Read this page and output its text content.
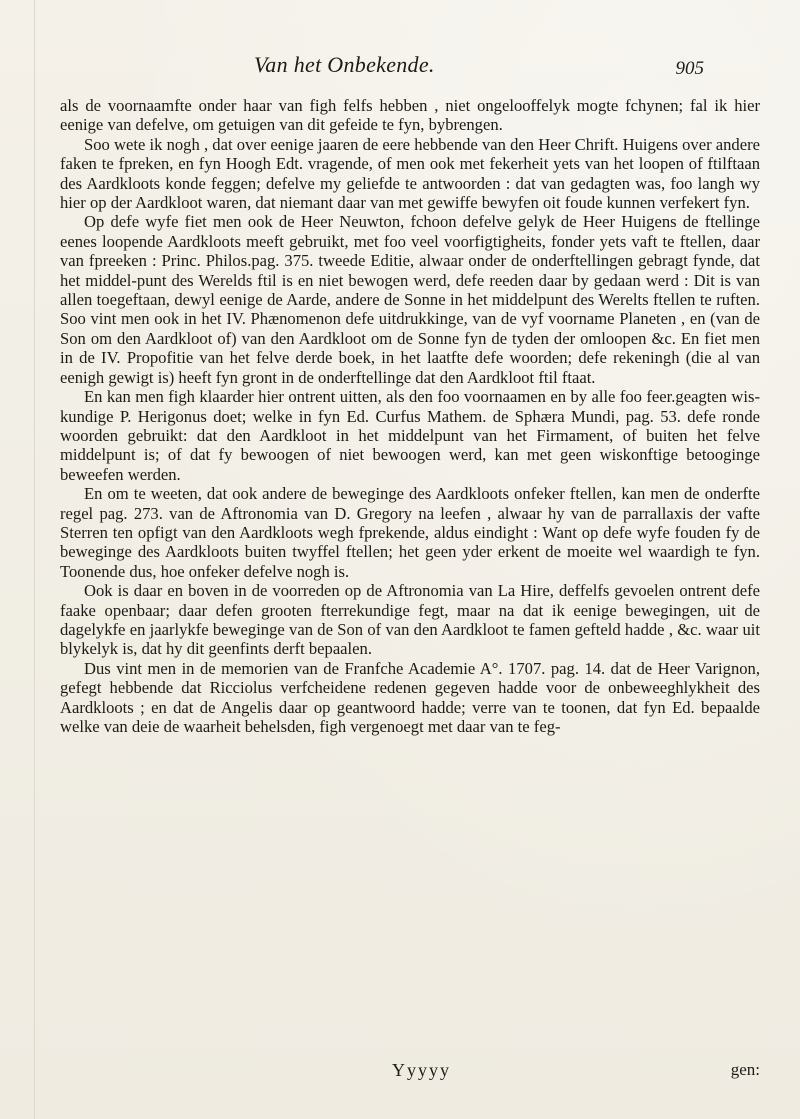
Van het Onbekende.	905

als de voornaamfte onder haar van figh felfs hebben , niet ongelooffelyk mogte fchynen; fal ik hier eenige van defelve, om getuigen van dit gefeide te fyn, bybrengen.

Soo wete ik nogh , dat over eenige jaaren de eere hebbende van den Heer Chrift. Huigens over andere faken te fpreken, en fyn Hoogh Edt. vragende, of men ook met fekerheit yets van het loopen of ftilftaan des Aardkloots konde feggen; defelve my geliefde te antwoorden : dat van gedagten was, foo langh wy hier op der Aardkloot waren, dat niemant daar van met gewiffe bewyfen oit foude kunnen verfekert fyn.

Op defe wyfe fiet men ook de Heer Neuwton, fchoon defelve gelyk de Heer Huigens de ftellinge eenes loopende Aardkloots meeft gebruikt, met foo veel voorfigtigheits, fonder yets vaft te ftellen, daar van fpreeken : Princ. Philos.pag. 375. tweede Editie, alwaar onder de onderftellingen gebragt fynde, dat het middel-punt des Werelds ftil is en niet bewogen werd, defe reeden daar by gedaan werd : Dit is van allen toegeftaan, dewyl eenige de Aarde, andere de Sonne in het middelpunt des Werelts ftellen te ruften. Soo vint men ook in het IV. Phænomenon defe uitdrukkinge, van de vyf voorname Planeten , en (van de Son om den Aardkloot of) van den Aardkloot om de Sonne fyn de tyden der omloopen &c. En fiet men in de IV. Propofitie van het felve derde boek, in het laatfte defe woorden; defe rekeningh (die al van eenigh gewigt is) heeft fyn gront in de onderftellinge dat den Aardkloot ftil ftaat.

En kan men figh klaarder hier ontrent uitten, als den foo voornaamen en by alle foo feer.geagten wis-kundige P. Herigonus doet; welke in fyn Ed. Curfus Mathem. de Sphæra Mundi, pag. 53. defe ronde woorden gebruikt: dat den Aardkloot in het middelpunt van het Firmament, of buiten het felve middelpunt is; of dat fy bewoogen of niet bewoogen werd, kan met geen wiskonftige betooginge beweefen werden.

En om te weeten, dat ook andere de beweginge des Aardkloots onfeker ftellen, kan men de onderfte regel pag. 273. van de Aftronomia van D. Gregory na leefen , alwaar hy van de parrallaxis der vafte Sterren ten opfigt van den Aardkloots wegh fprekende, aldus eindight : Want op defe wyfe fouden fy de beweginge des Aardkloots buiten twyffel ftellen; het geen yder erkent de moeite wel waardigh te fyn. Toonende dus, hoe onfeker defelve nogh is.

Ook is daar en boven in de voorreden op de Aftronomia van La Hire, deffelfs gevoelen ontrent defe faake openbaar; daar defen grooten fterrekundige fegt, maar na dat ik eenige bewegingen, uit de dagelykfe en jaarlykfe beweginge van de Son of van den Aardkloot te famen gefteld hadde , &c. waar uit blykelyk is, dat hy dit geenfints derft bepaalen.

Dus vint men in de memorien van de Franfche Academie A°. 1707. pag. 14. dat de Heer Varignon, gefegt hebbende dat Ricciolus verfcheidene redenen gegeven hadde voor de onbeweeghlykheit des Aardkloots ; en dat de Angelis daar op geantwoord hadde; verre van te toonen, dat fyn Ed. bepaalde welke van deie de waarheit behelsden, figh vergenoegt met daar van te feg-

Yyyyy	gen:
